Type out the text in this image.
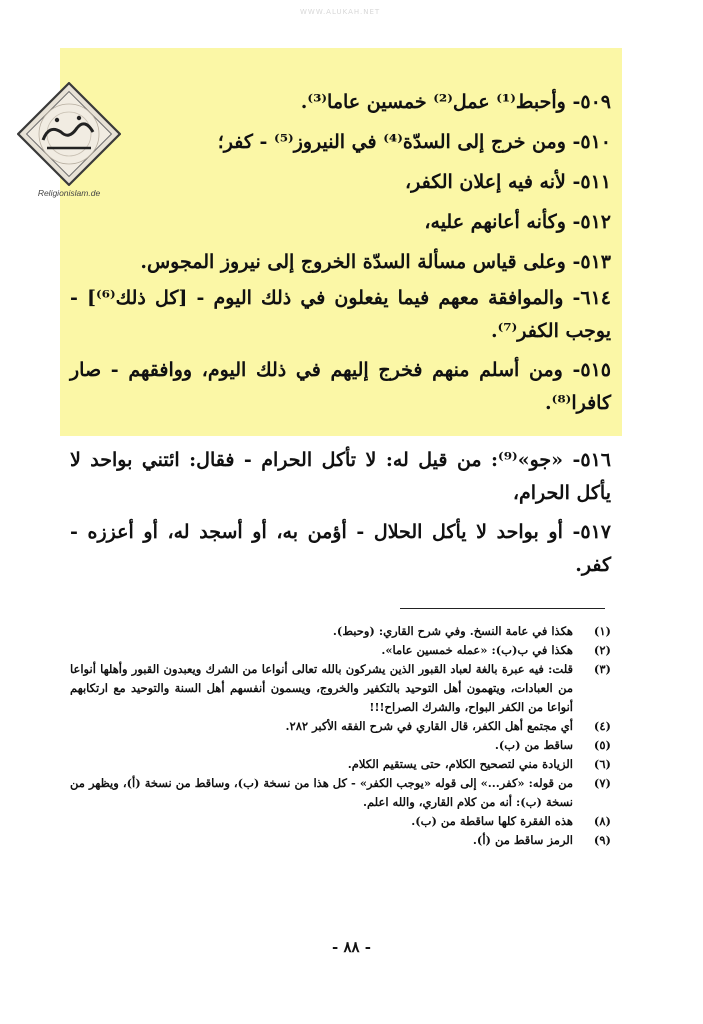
WWW.ALUKAH.NET
Religionislam.de

٥٠٩- وأحبط⁽¹⁾ عمل⁽²⁾ خمسين عاما⁽³⁾.

٥١٠- ومن خرج إلى السدّة⁽⁴⁾ في النيروز⁽⁵⁾ - كفر؛

٥١١- لأنه فيه إعلان الكفر،

٥١٢- وكأنه أعانهم عليه،

٥١٣- وعلى قياس مسألة السدّة الخروج إلى نيروز المجوس.

٦١٤- والموافقة معهم فيما يفعلون في ذلك اليوم - [كل ذلك⁽⁶⁾] - يوجب الكفر⁽⁷⁾.

٥١٥- ومن أسلم منهم فخرج إليهم في ذلك اليوم، ووافقهم - صار كافرا⁽⁸⁾.

٥١٦- «جو»⁽⁹⁾: من قيل له: لا تأكل الحرام - فقال: ائتني بواحد لا يأكل الحرام،

٥١٧- أو بواحد لا يأكل الحلال - أؤمن به، أو أسجد له، أو أعززه - كفر.

(١)
هكذا في عامة النسخ. وفي شرح القاري: (وحبط).
(٢)
هكذا في ب(ب): «عمله خمسين عاما».
(٣)
قلت: فيه عبرة بالغة لعباد القبور الذين يشركون بالله تعالى أنواعا من الشرك ويعبدون القبور وأهلها أنواعا من العبادات، ويتهمون أهل التوحيد بالتكفير والخروج، ويسمون أنفسهم أهل السنة والتوحيد مع ارتكابهم أنواعا من الكفر البواح، والشرك الصراح!!!
(٤)
أي مجتمع أهل الكفر، قال القاري في شرح الفقه الأكبر ٢٨٢.
(٥)
ساقط من (ب).
(٦)
الزيادة مني لتصحيح الكلام، حتى يستقيم الكلام.
(٧)
من قوله: «كفر...» إلى قوله «يوجب الكفر» - كل هذا من نسخة (ب)، وساقط من نسخة (أ)، ويظهر من نسخة (ب): أنه من كلام القاري، والله اعلم.
(٨)
هذه الفقرة كلها ساقطة من (ب).
(٩)
الرمز ساقط من (أ).
- ٨٨ -
